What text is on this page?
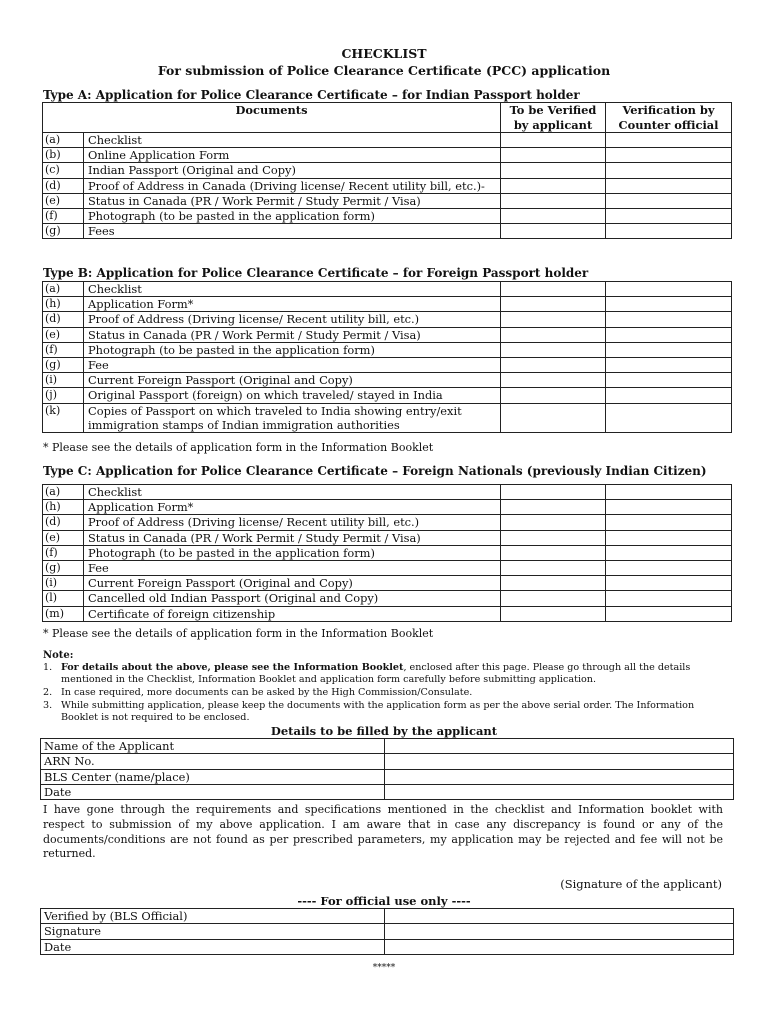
CHECKLIST
For submission of Police Clearance Certificate (PCC) application
Type A: Application for Police Clearance Certificate – for Indian Passport holder
Documents		To be Verified by applicant	Verification by Counter official
(a)	Checklist		
(b)	Online Application Form		
(c)	Indian Passport (Original and Copy)		
(d)	Proof of Address in Canada (Driving license/ Recent utility bill, etc.)-		
(e)	Status in Canada (PR / Work Permit / Study Permit / Visa)		
(f)	Photograph (to be pasted in the application form)		
(g)	Fees		
Type B: Application for Police Clearance Certificate – for Foreign Passport holder
(a)	Checklist		
(h)	Application Form*		
(d)	Proof of Address (Driving license/ Recent utility bill, etc.)		
(e)	Status in Canada (PR / Work Permit / Study Permit / Visa)		
(f)	Photograph (to be pasted in the application form)		
(g)	Fee		
(i)	Current Foreign Passport (Original and Copy)		
(j)	Original Passport (foreign) on which traveled/ stayed in India		
(k)	Copies of Passport on which traveled to India showing entry/exit immigration stamps of Indian immigration authorities		
* Please see the details of application form in the Information Booklet
Type C: Application for Police Clearance Certificate – Foreign Nationals (previously Indian Citizen)
(a)	Checklist		
(h)	Application Form*		
(d)	Proof of Address (Driving license/ Recent utility bill, etc.)		
(e)	Status in Canada (PR / Work Permit / Study Permit / Visa)		
(f)	Photograph (to be pasted in the application form)		
(g)	Fee		
(i)	Current Foreign Passport (Original and Copy)		
(l)	Cancelled old Indian Passport (Original and Copy)		
(m)	Certificate of foreign citizenship		
* Please see the details of application form in the Information Booklet
Note:
1. For details about the above, please see the Information Booklet, enclosed after this page. Please go through all the details mentioned in the Checklist, Information Booklet and application form carefully before submitting application.
2. In case required, more documents can be asked by the High Commission/Consulate.
3. While submitting application, please keep the documents with the application form as per the above serial order. The Information Booklet is not required to be enclosed.
Details to be filled by the applicant
Name of the Applicant	
ARN No.	
BLS Center (name/place)	
Date	
I have gone through the requirements and specifications mentioned in the checklist and Information booklet with respect to submission of my above application. I am aware that in case any discrepancy is found or any of the documents/conditions are not found as per prescribed parameters, my application may be rejected and fee will not be returned.
(Signature of the applicant)
---- For official use only ----
Verified by (BLS Official)	
Signature	
Date	
*****
